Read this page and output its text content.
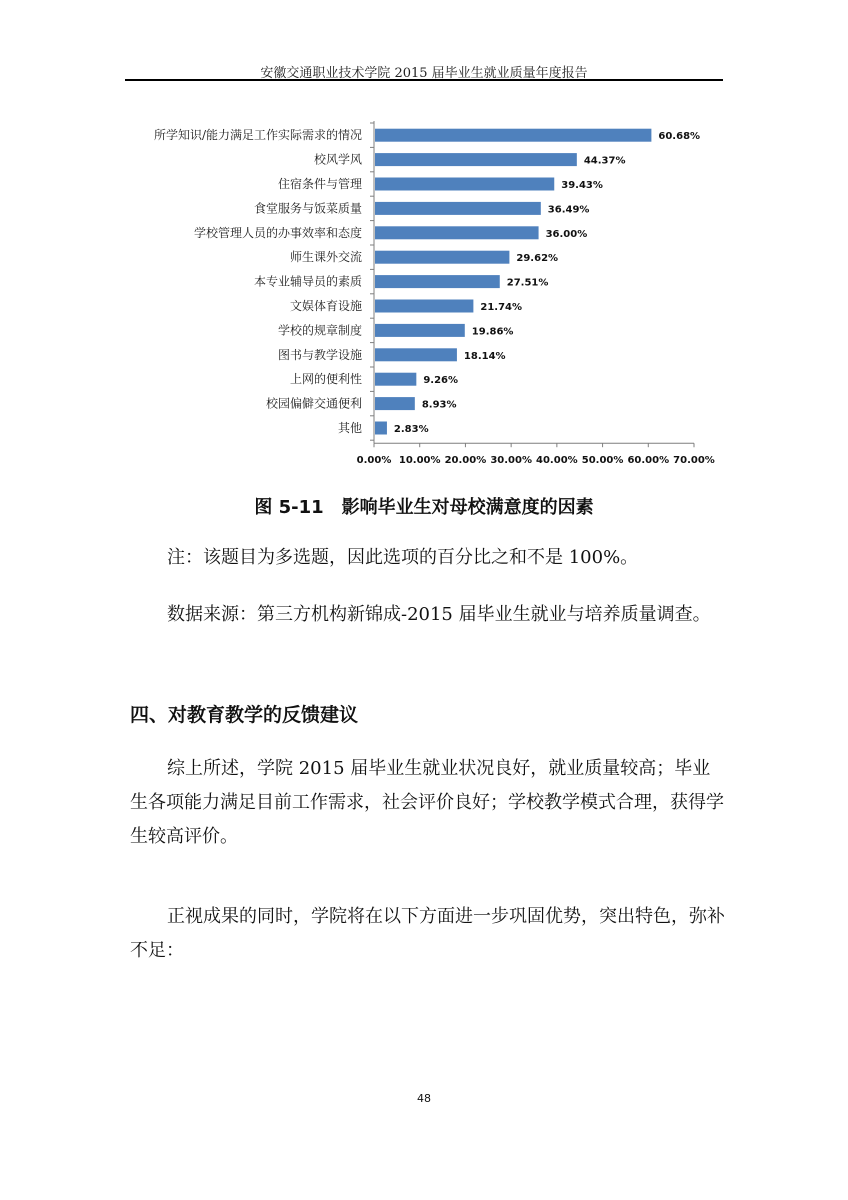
安徽交通职业技术学院 2015 届毕业生就业质量年度报告
所学知识/能力满足工作实际需求的情况
校风学风
住宿条件与管理
食堂服务与饭菜质量
学校管理人员的办事效率和态度
师生课外交流
本专业辅导员的素质
文娱体育设施
学校的规章制度
图书与教学设施
上网的便利性
校园偏僻交通便利
其他
60.68%
44.37%
39.43%
36.49%
36.00%
29.62%
27.51%
21.74%
19.86%
18.14%
9.26%
8.93%
2.83%
0.00% 10.00% 20.00% 30.00% 40.00% 50.00% 60.00% 70.00%
图 5-11　影响毕业生对母校满意度的因素

注：该题目为多选题，因此选项的百分比之和不是 100%。

数据来源：第三方机构新锦成-2015 届毕业生就业与培养质量调查。

四、对教育教学的反馈建议

综上所述，学院 2015 届毕业生就业状况良好，就业质量较高；毕业生各项能力满足目前工作需求，社会评价良好；学校教学模式合理，获得学生较高评价。

正视成果的同时，学院将在以下方面进一步巩固优势，突出特色，弥补不足：

48
